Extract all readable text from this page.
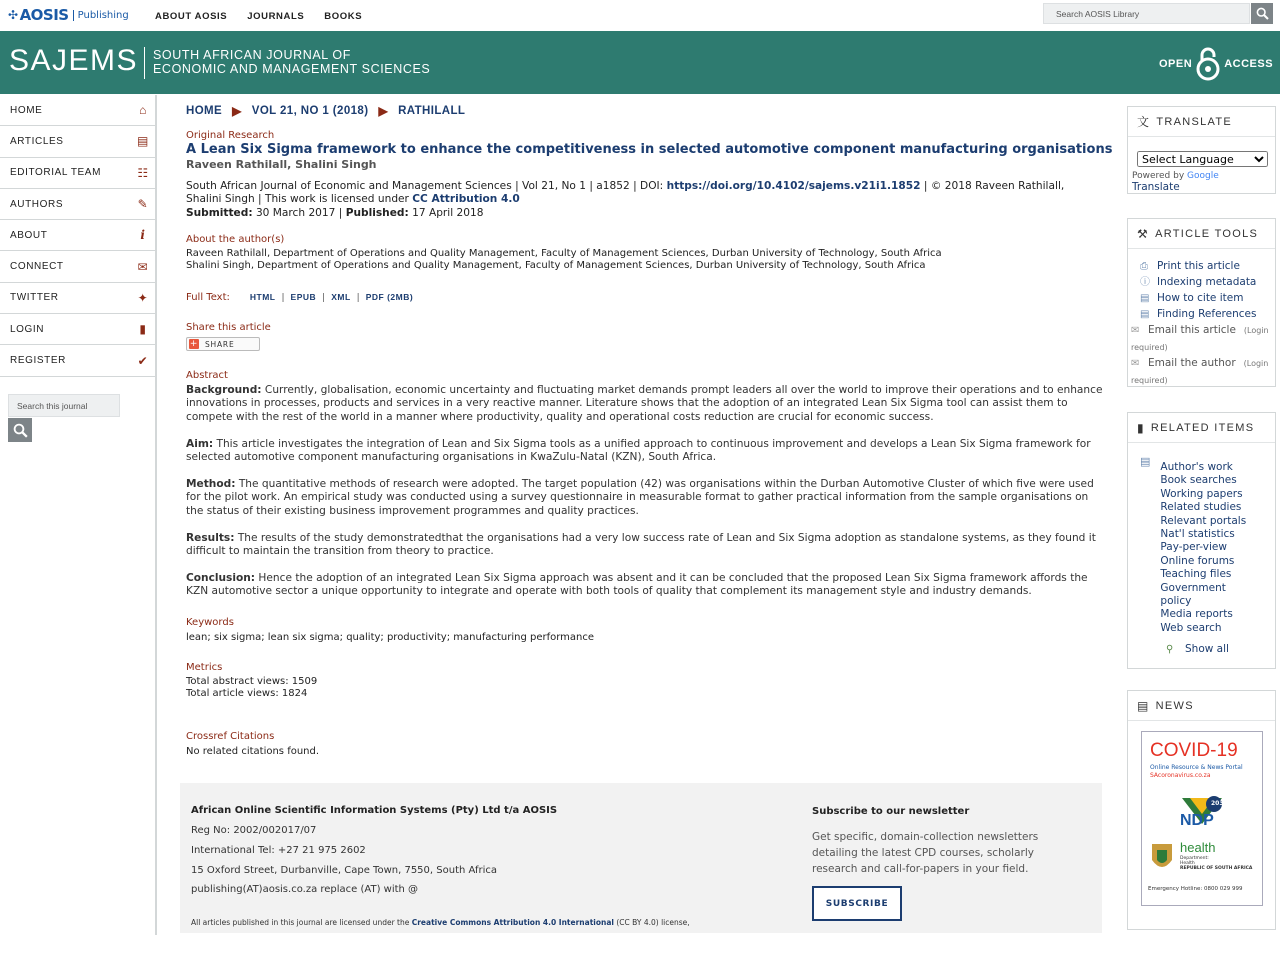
✣ AOSIS Publishing	ABOUT AOSIS JOURNALS BOOKS	Search AOSIS Library
SAJEMS SOUTH AFRICAN JOURNAL OF
ECONOMIC AND MANAGEMENT SCIENCES	OPEN	ACCESS
HOME	⌂
ARTICLES	▤
EDITORIAL TEAM	☷
AUTHORS	✎
ABOUT	i
CONNECT	✉
TWITTER	✦
LOGIN	▮
REGISTER	✔
Search this journal
HOME ▶ VOL 21, NO 1 (2018) ▶ RATHILALL
Original Research
A Lean Six Sigma framework to enhance the competitiveness in selected automotive component manufacturing organisations
Raveen Rathilall, Shalini Singh
South African Journal of Economic and Management Sciences | Vol 21, No 1 | a1852 | DOI: https://doi.org/10.4102/sajems.v21i1.1852 | © 2018 Raveen Rathilall, Shalini Singh | This work is licensed under CC Attribution 4.0
Submitted: 30 March 2017 | Published: 17 April 2018
About the author(s)
Raveen Rathilall, Department of Operations and Quality Management, Faculty of Management Sciences, Durban University of Technology, South Africa
Shalini Singh, Department of Operations and Quality Management, Faculty of Management Sciences, Durban University of Technology, South Africa
Full Text: HTML | EPUB | XML | PDF (2MB)
Share this article
+ SHARE
Abstract
Background: Currently, globalisation, economic uncertainty and fluctuating market demands prompt leaders all over the world to improve their operations and to enhance innovations in processes, products and services in a very reactive manner. Literature shows that the adoption of an integrated Lean Six Sigma tool can assist them to compete with the rest of the world in a manner where productivity, quality and operational costs reduction are crucial for economic success.
Aim: This article investigates the integration of Lean and Six Sigma tools as a unified approach to continuous improvement and develops a Lean Six Sigma framework for selected automotive component manufacturing organisations in KwaZulu-Natal (KZN), South Africa.
Method: The quantitative methods of research were adopted. The target population (42) was organisations within the Durban Automotive Cluster of which five were used for the pilot work. An empirical study was conducted using a survey questionnaire in measurable format to gather practical information from the sample organisations on the status of their existing business improvement programmes and quality practices.
Results: The results of the study demonstratedthat the organisations had a very low success rate of Lean and Six Sigma adoption as standalone systems, as they found it difficult to maintain the transition from theory to practice.
Conclusion: Hence the adoption of an integrated Lean Six Sigma approach was absent and it can be concluded that the proposed Lean Six Sigma framework affords the KZN automotive sector a unique opportunity to integrate and operate with both tools of quality that complement its management style and industry demands.
Keywords
lean; six sigma; lean six sigma; quality; productivity; manufacturing performance
Metrics
Total abstract views: 1509
Total article views: 1824
Crossref Citations
No related citations found.
African Online Scientific Information Systems (Pty) Ltd t/a AOSIS
Reg No: 2002/002017/07
International Tel: +27 21 975 2602
15 Oxford Street, Durbanville, Cape Town, 7550, South Africa
publishing(AT)aosis.co.za replace (AT) with @
Subscribe to our newsletter
Get specific, domain-collection newsletters detailing the latest CPD courses, scholarly research and call-for-papers in your field.
SUBSCRIBE
All articles published in this journal are licensed under the Creative Commons Attribution 4.0 International (CC BY 4.0) license,
文 TRANSLATE
Select Language
Powered by Google Translate
⚒ ARTICLE TOOLS
⎙ Print this article
ⓘ Indexing metadata
▤ How to cite item
▤ Finding References
✉ Email this article (Login
required)
✉ Email the author (Login
required)
▮ RELATED ITEMS
▤ Author's work
Book searches
Working papers
Related studies
Relevant portals
Nat'l statistics
Pay-per-view
Online forums
Teaching files
Government policy
Media reports
Web search
⚲	Show all
▤ NEWS
COVID-19
Online Resource & News Portal
SAcoronavirus.co.za
2030
NDP
health
Department:
Health
REPUBLIC OF SOUTH AFRICA
Emergency Hotline: 0800 029 999
